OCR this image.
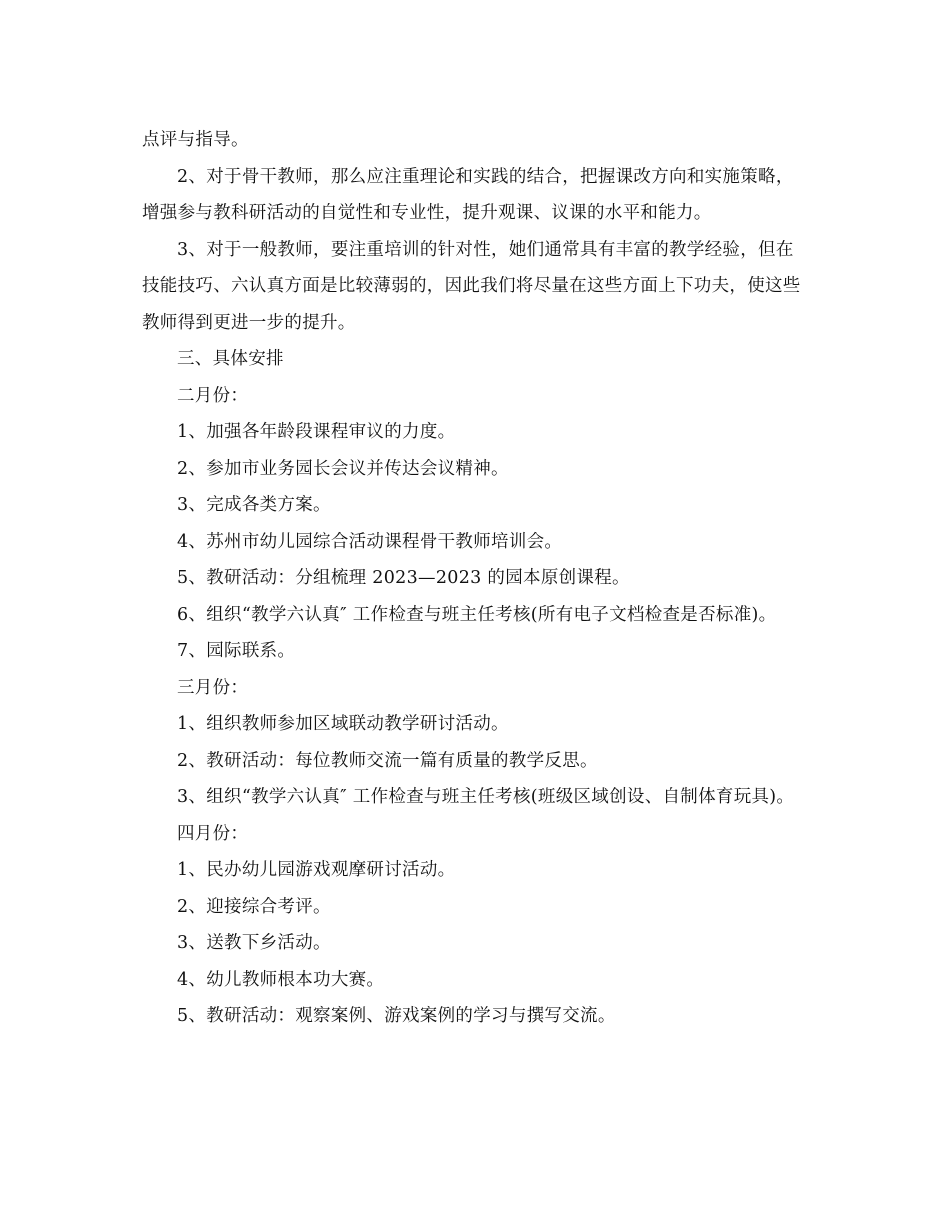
点评与指导。

2、对于骨干教师，那么应注重理论和实践的结合，把握课改方向和实施策略，增强参与教科研活动的自觉性和专业性，提升观课、议课的水平和能力。

3、对于一般教师，要注重培训的针对性，她们通常具有丰富的教学经验，但在技能技巧、六认真方面是比较薄弱的，因此我们将尽量在这些方面上下功夫，使这些教师得到更进一步的提升。

三、具体安排

二月份：

1、加强各年龄段课程审议的力度。

2、参加市业务园长会议并传达会议精神。

3、完成各类方案。

4、苏州市幼儿园综合活动课程骨干教师培训会。

5、教研活动：分组梳理 2023—2023 的园本原创课程。

6、组织“教学六认真″ 工作检查与班主任考核(所有电子文档检查是否标准)。

7、园际联系。

三月份：

1、组织教师参加区域联动教学研讨活动。

2、教研活动：每位教师交流一篇有质量的教学反思。

3、组织“教学六认真″ 工作检查与班主任考核(班级区域创设、自制体育玩具)。

四月份：

1、民办幼儿园游戏观摩研讨活动。

2、迎接综合考评。

3、送教下乡活动。

4、幼儿教师根本功大赛。

5、教研活动：观察案例、游戏案例的学习与撰写交流。
